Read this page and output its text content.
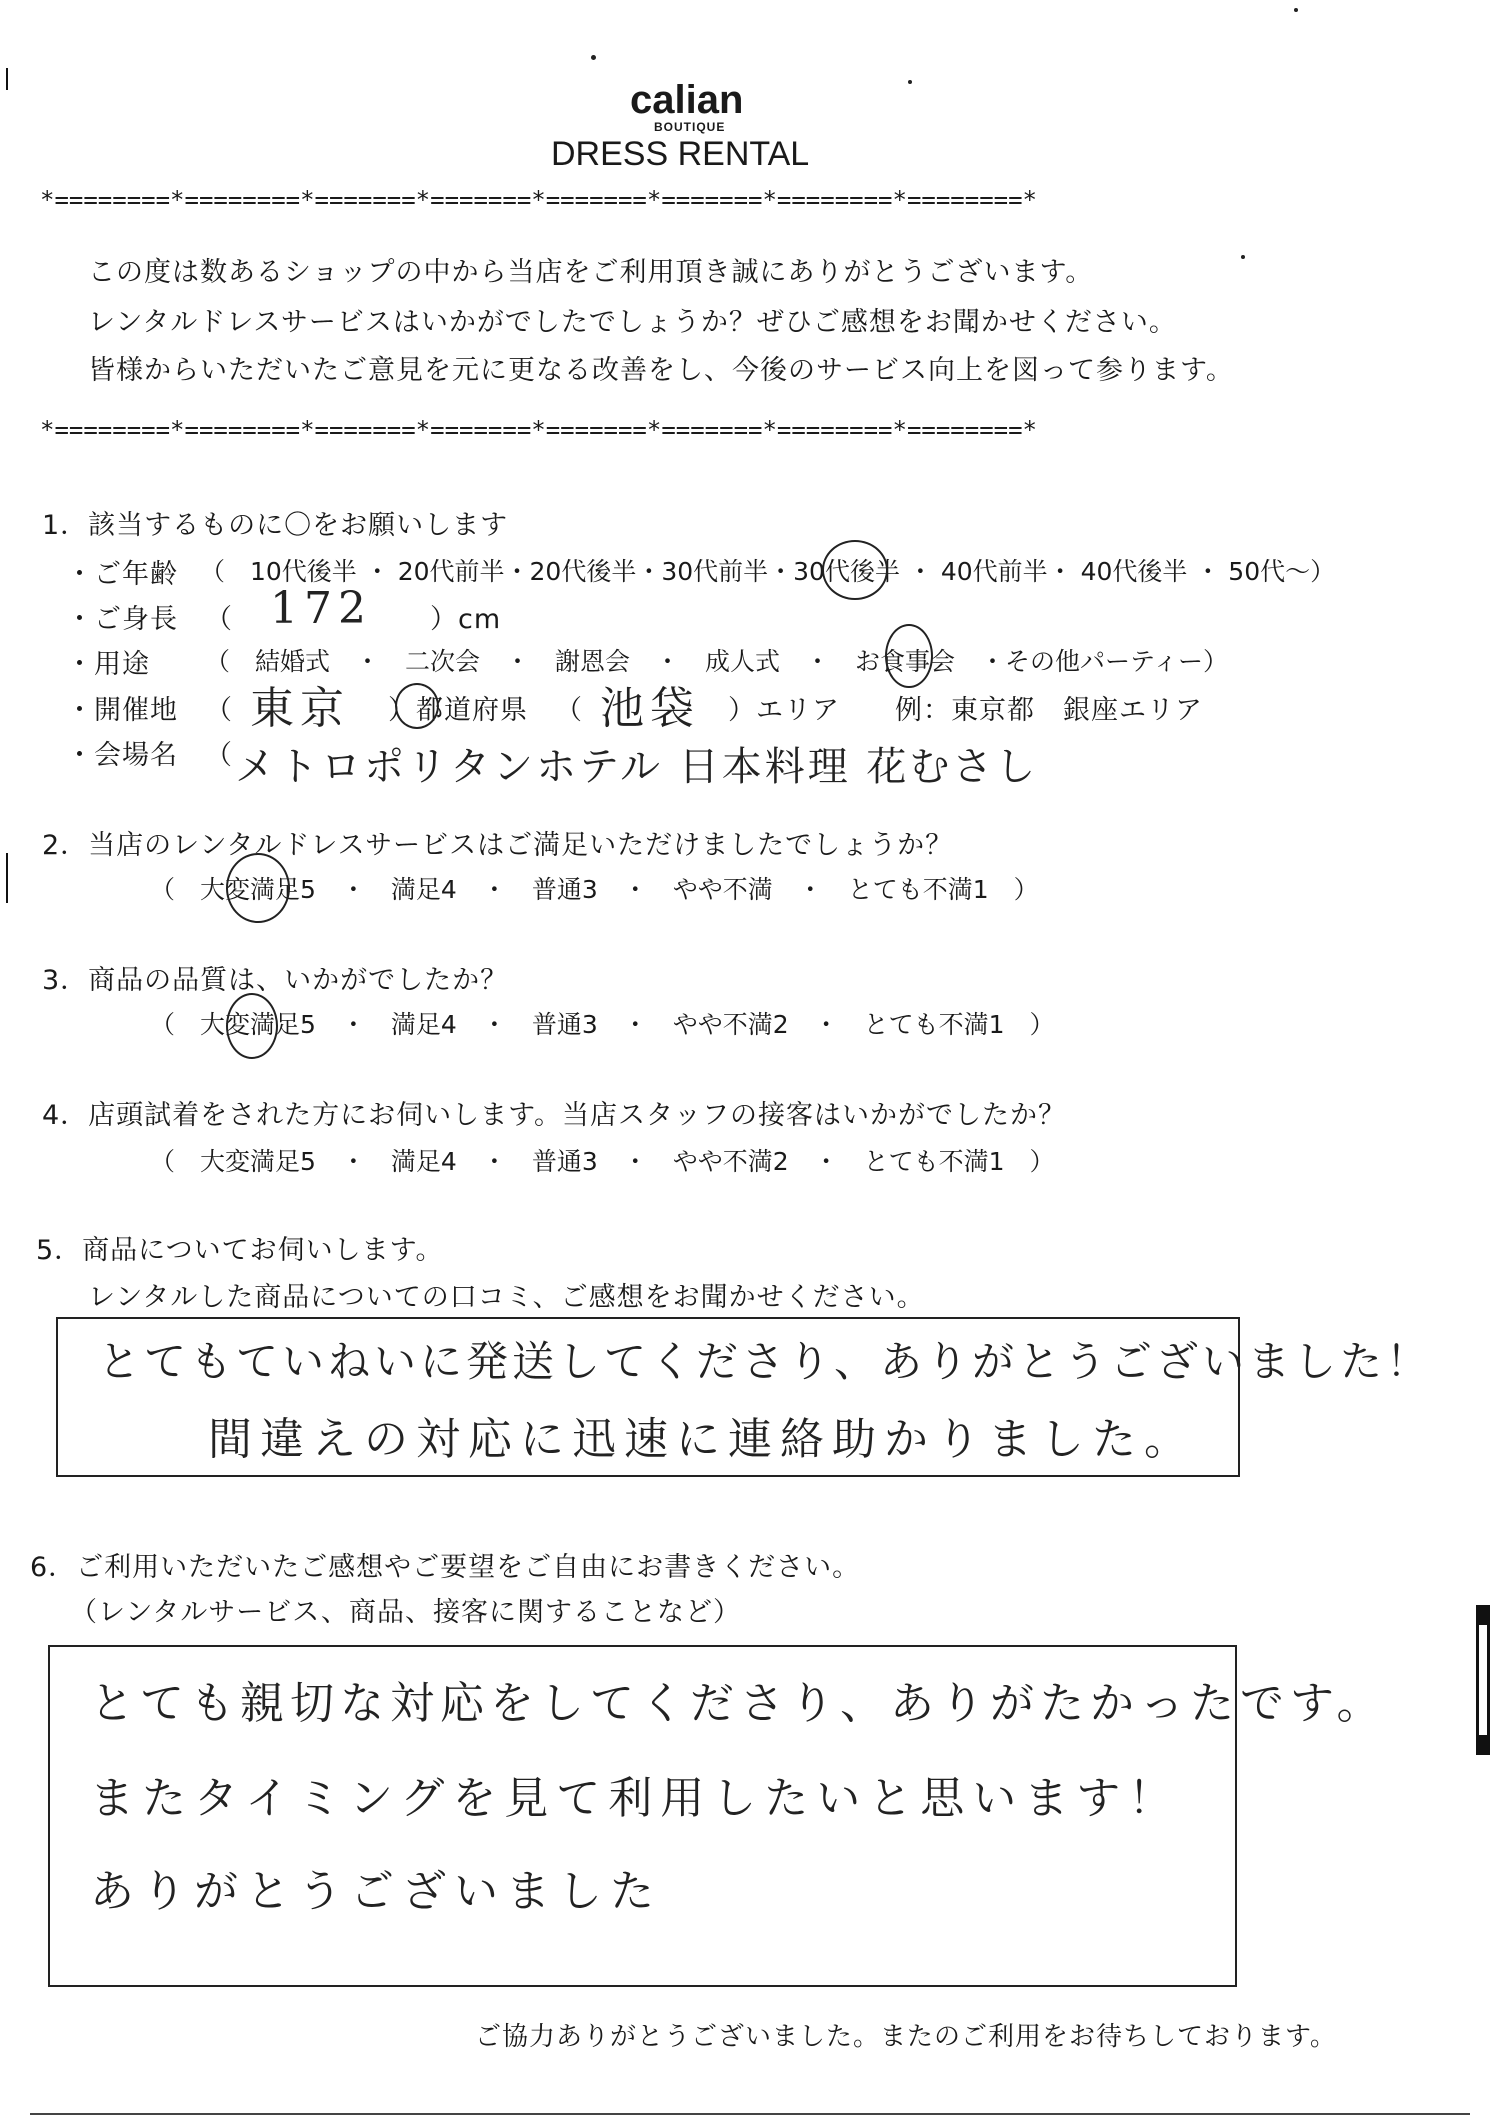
calian
BOUTIQUE
DRESS RENTAL
*========*========*=======*=======*=======*=======*========*========*
*========*========*=======*=======*=======*=======*========*========*
この度は数あるショップの中から当店をご利用頂き誠にありがとうございます。
レンタルドレスサービスはいかがでしたでしょうか？ぜひご感想をお聞かせください。
皆様からいただいたご意見を元に更なる改善をし、今後のサービス向上を図って参ります。
1．該当するものに〇をお願いします
・ご年齢 （　10代後半 ・ 20代前半・20代後半・30代前半・30代後半 ・ 40代前半・ 40代後半 ・ 50代〜）
・ご身長 （ 172 ）cm
・用途 （　結婚式　・　二次会　・　謝恩会　・　成人式　・　お食事会　・その他パーティー）
・開催地 （ 東京 ）都道府県 （ 池袋 ）エリア 例：東京都　銀座エリア
・会場名 （ メトロポリタンホテル 日本料理 花むさし
2．当店のレンタルドレスサービスはご満足いただけましたでしょうか？
（　大変満足5　・　満足4　・　普通3　・　やや不満　・　とても不満1　）
3．商品の品質は、いかがでしたか？
（　大変満足5　・　満足4　・　普通3　・　やや不満2　・　とても不満1　）
4．店頭試着をされた方にお伺いします。当店スタッフの接客はいかがでしたか？
（　大変満足5　・　満足4　・　普通3　・　やや不満2　・　とても不満1　）
5．商品についてお伺いします。
レンタルした商品についての口コミ、ご感想をお聞かせください。
とてもていねいに発送してくださり、ありがとうございました！
間違えの対応に迅速に連絡助かりました。
6．ご利用いただいたご感想やご要望をご自由にお書きください。
（レンタルサービス、商品、接客に関することなど）
とても親切な対応をしてくださり、ありがたかったです。
またタイミングを見て利用したいと思います！
ありがとうございました
ご協力ありがとうございました。またのご利用をお待ちしております。
